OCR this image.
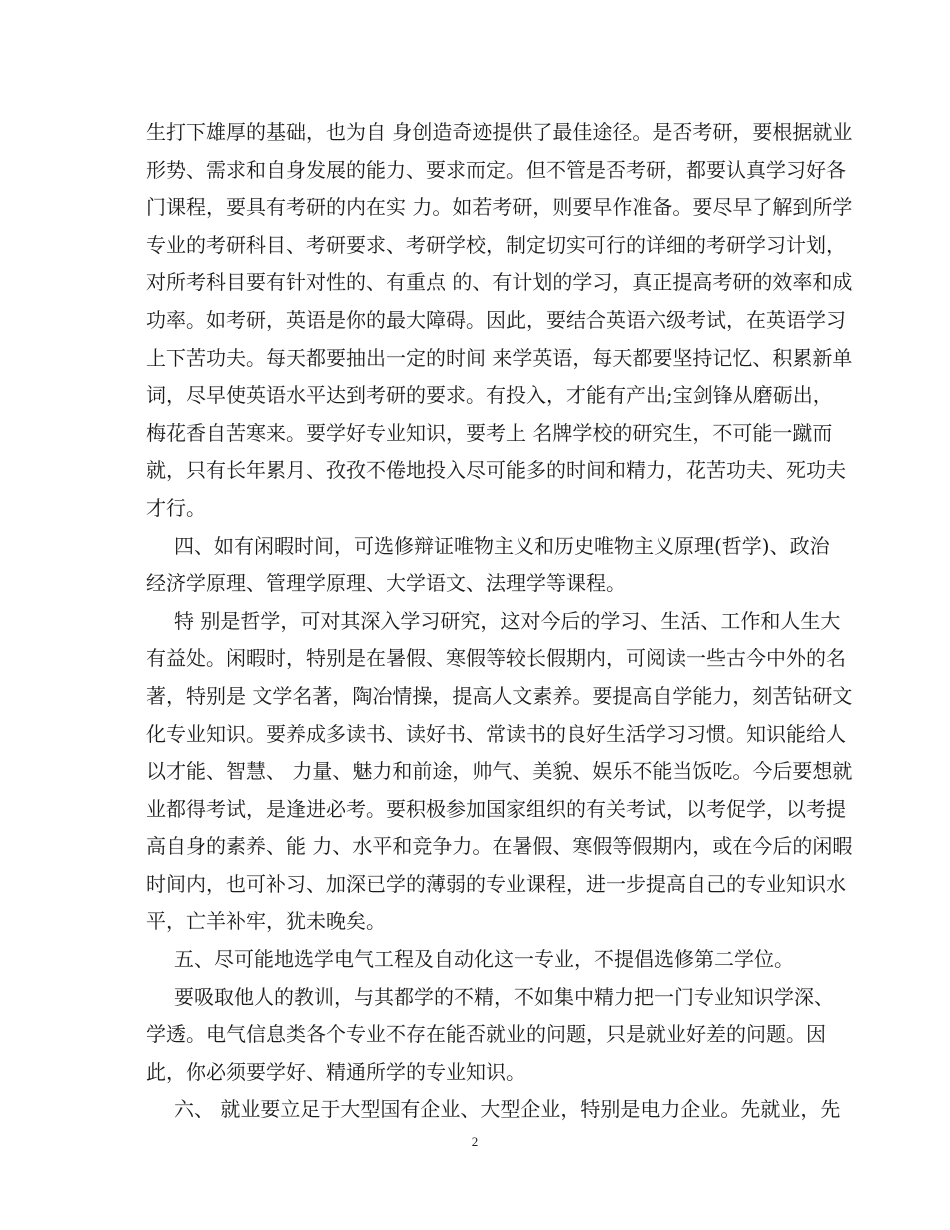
生打下雄厚的基础，也为自 身创造奇迹提供了最佳途径。是否考研，要根据就业
形势、需求和自身发展的能力、要求而定。但不管是否考研，都要认真学习好各
门课程，要具有考研的内在实 力。如若考研，则要早作准备。要尽早了解到所学
专业的考研科目、考研要求、考研学校，制定切实可行的详细的考研学习计划，
对所考科目要有针对性的、有重点 的、有计划的学习，真正提高考研的效率和成
功率。如考研，英语是你的最大障碍。因此，要结合英语六级考试，在英语学习
上下苦功夫。每天都要抽出一定的时间 来学英语，每天都要坚持记忆、积累新单
词，尽早使英语水平达到考研的要求。有投入，才能有产出;宝剑锋从磨砺出，
梅花香自苦寒来。要学好专业知识，要考上 名牌学校的研究生，不可能一蹴而
就，只有长年累月、孜孜不倦地投入尽可能多的时间和精力，花苦功夫、死功夫
才行。
四、如有闲暇时间，可选修辩证唯物主义和历史唯物主义原理(哲学)、政治
经济学原理、管理学原理、大学语文、法理学等课程。
特 别是哲学，可对其深入学习研究，这对今后的学习、生活、工作和人生大
有益处。闲暇时，特别是在暑假、寒假等较长假期内，可阅读一些古今中外的名
著，特别是 文学名著，陶冶情操，提高人文素养。要提高自学能力，刻苦钻研文
化专业知识。要养成多读书、读好书、常读书的良好生活学习习惯。知识能给人
以才能、智慧、 力量、魅力和前途，帅气、美貌、娱乐不能当饭吃。今后要想就
业都得考试，是逢进必考。要积极参加国家组织的有关考试，以考促学，以考提
高自身的素养、能 力、水平和竞争力。在暑假、寒假等假期内，或在今后的闲暇
时间内，也可补习、加深已学的薄弱的专业课程，进一步提高自己的专业知识水
平，亡羊补牢，犹未晚矣。
五、尽可能地选学电气工程及自动化这一专业，不提倡选修第二学位。
要吸取他人的教训，与其都学的不精，不如集中精力把一门专业知识学深、
学透。电气信息类各个专业不存在能否就业的问题，只是就业好差的问题。因
此，你必须要学好、精通所学的专业知识。
六、 就业要立足于大型国有企业、大型企业，特别是电力企业。先就业，先
2
